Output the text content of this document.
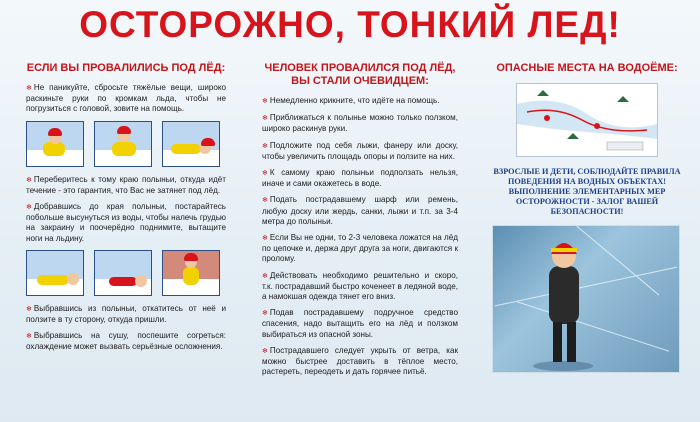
ОСТОРОЖНО, ТОНКИЙ ЛЕД!
ЕСЛИ ВЫ ПРОВАЛИЛИСЬ ПОД ЛЁД:

❄ Не паникуйте, сбросьте тяжёлые вещи, широко раскиньте руки по кромкам льда, чтобы не погрузиться с головой, зовите на помощь.

❄ Переберитесь к тому краю полыньи, откуда идёт течение - это гарантия, что Вас не затянет под лёд.

❄ Добравшись до края полыньи, постарайтесь побольше высунуться из воды, чтобы налечь грудью на закраину и поочерёдно поднимите, вытащите ноги на льдину.

❄ Выбравшись из полыньи, откатитесь от неё и ползите в ту сторону, откуда пришли.

❄ Выбравшись на сушу, поспешите согреться: охлаждение может вызвать серьёзные осложнения.

ЧЕЛОВЕК ПРОВАЛИЛСЯ ПОД ЛЁД, ВЫ СТАЛИ ОЧЕВИДЦЕМ:

❄ Немедленно крикните, что идёте на помощь.

❄ Приближаться к полынье можно только ползком, широко раскинув руки.

❄ Подложите под себя лыжи, фанеру или доску, чтобы увеличить площадь опоры и ползите на них.

❄ К самому краю полыньи подползать нельзя, иначе и сами окажетесь в воде.

❄ Подать пострадавшему шарф или ремень, любую доску или жердь, санки, лыжи и т.п. за 3-4 метра до полыньи.

❄ Если Вы не одни, то 2-3 человека ложатся на лёд по цепочке и, держа друг друга за ноги, двигаются к пролому.

❄ Действовать необходимо решительно и скоро, т.к. пострадавший быстро коченеет в ледяной воде, а намокшая одежда тянет его вниз.

❄ Подав пострадавшему подручное средство спасения, надо вытащить его на лёд и ползком выбираться из опасной зоны.

❄ Пострадавшего следует укрыть от ветра, как можно быстрее доставить в тёплое место, растереть, переодеть и дать горячее питьё.

ОПАСНЫЕ МЕСТА НА ВОДОЁМЕ:
ВЗРОСЛЫЕ И ДЕТИ, СОБЛЮДАЙТЕ ПРАВИЛА ПОВЕДЕНИЯ НА ВОДНЫХ ОБЪЕКТАХ! ВЫПОЛНЕНИЕ ЭЛЕМЕНТАРНЫХ МЕР ОСТОРОЖНОСТИ - ЗАЛОГ ВАШЕЙ БЕЗОПАСНОСТИ!
